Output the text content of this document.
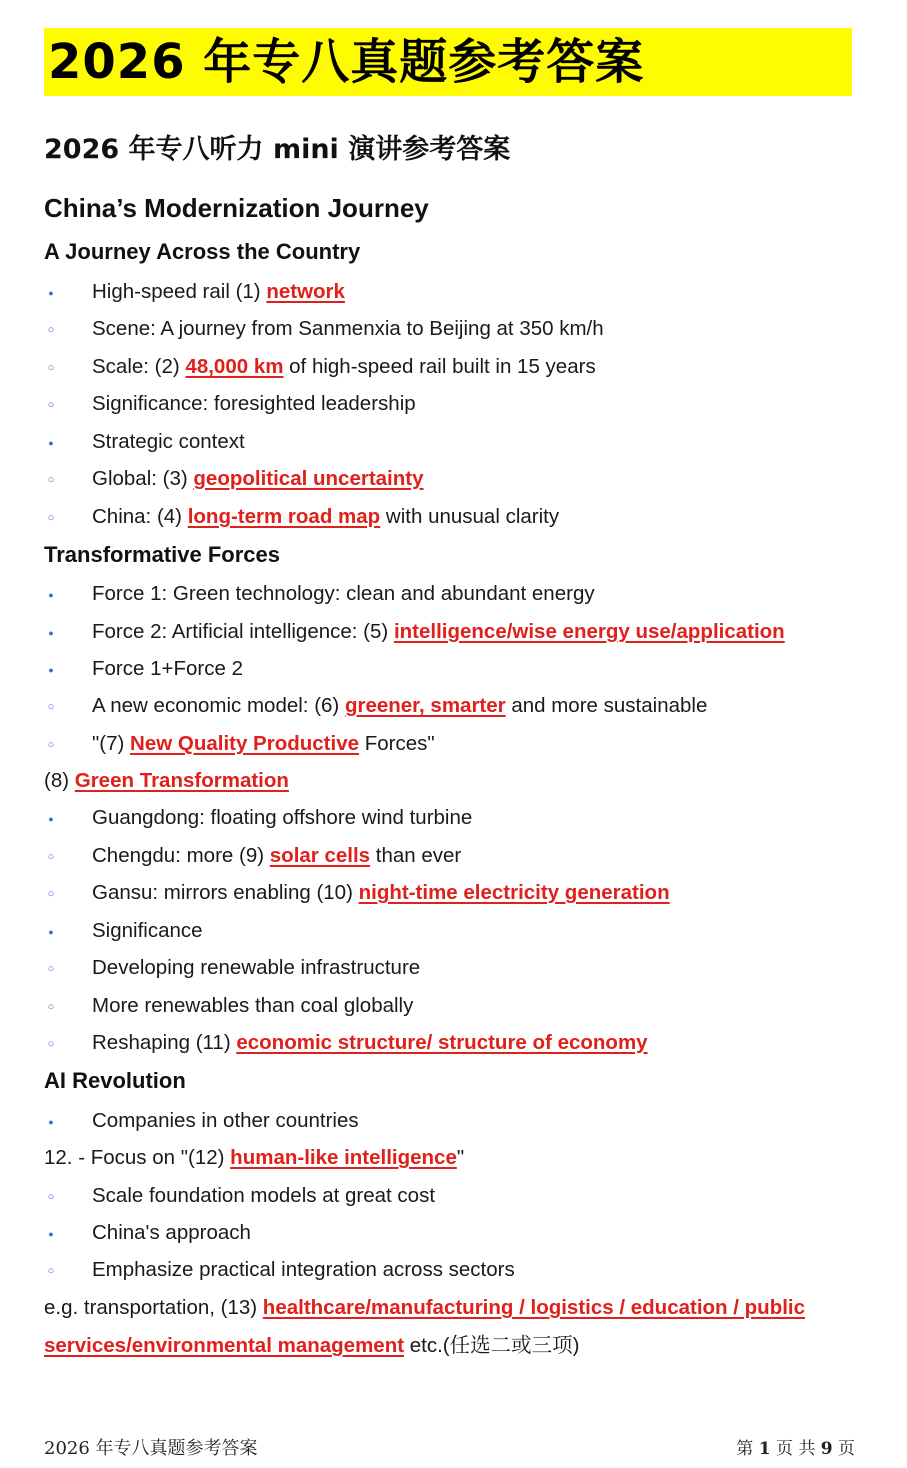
2026 年专八真题参考答案
2026 年专八听力 mini 演讲参考答案
China’s Modernization Journey
A Journey Across the Country
●
High-speed rail (1) network
○
Scene: A journey from Sanmenxia to Beijing at 350 km/h
○
Scale: (2) 48,000 km of high-speed rail built in 15 years
○
Significance: foresighted leadership
●
Strategic context
○
Global: (3) geopolitical uncertainty
○
China: (4) long-term road map with unusual clarity
Transformative Forces
●
Force 1: Green technology: clean and abundant energy
●
Force 2: Artificial intelligence: (5) intelligence/wise energy use/application
●
Force 1+Force 2
○
A new economic model: (6) greener, smarter and more sustainable
○
"(7) New Quality Productive Forces"
(8) Green Transformation
●
Guangdong: floating offshore wind turbine
○
Chengdu: more (9) solar cells than ever
○
Gansu: mirrors enabling (10) night-time electricity generation
●
Significance
○
Developing renewable infrastructure
○
More renewables than coal globally
○
Reshaping (11) economic structure/ structure of economy
AI Revolution
●
Companies in other countries
12. - Focus on "(12) human-like intelligence"
○
Scale foundation models at great cost
●
China's approach
○
Emphasize practical integration across sectors
e.g. transportation, (13) healthcare/manufacturing / logistics / education / public
services/environmental management etc.(任选二或三项)
2026 年专八真题参考答案	第 1 页 共 9 页
